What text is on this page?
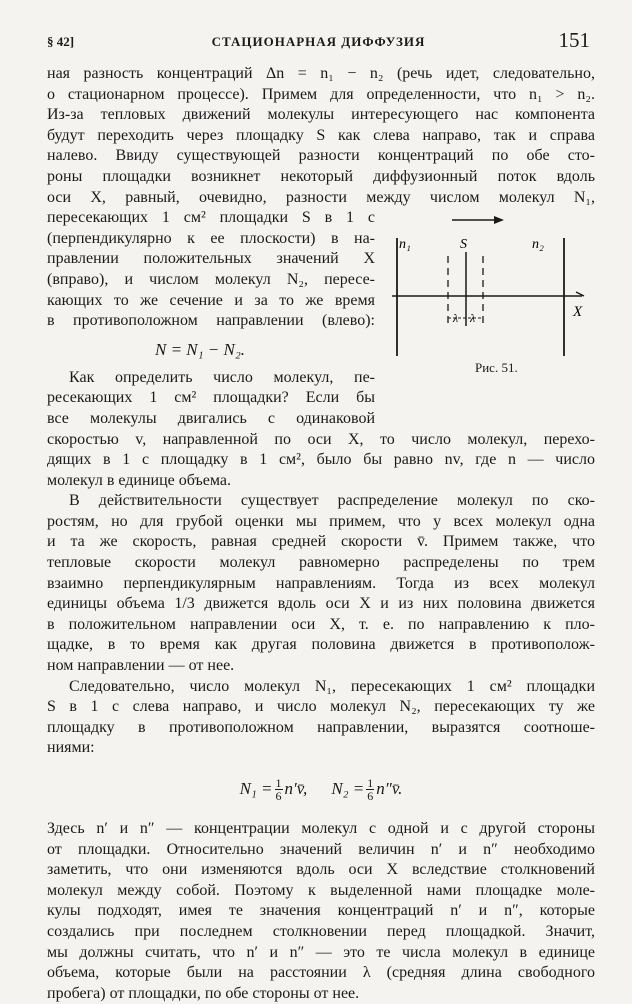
§ 42]	СТАЦИОНАРНАЯ ДИФФУЗИЯ	151

ная разность концентраций Δn = n₁ − n₂ (речь идет, следовательно,
о стационарном процессе). Примем для определенности, что n₁ > n₂.
Из-за тепловых движений молекулы интересующего нас компонента
будут переходить через площадку S как слева направо, так и справа
налево. Ввиду существующей разности концентраций по обе сто-
роны площадки возникнет некоторый диффузионный поток вдоль
оси X, равный, очевидно, разности между числом молекул N₁,

пересекающих 1 см² площадки S в 1 с
(перпендикулярно к ее плоскости) в на-
правлении положительных значений X
(вправо), и числом молекул N₂, пересе-
кающих то же сечение и за то же время
в противоположном направлении (влево):

N = N₁ − N₂.

Как определить число молекул, пе-
ресекающих 1 см² площадки? Если бы
все молекулы двигались с одинаковой

скоростью v, направленной по оси X, то число молекул, перехо-
дящих в 1 с площадку в 1 см², было бы равно nv, где n — число
молекул в единице объема.

В действительности существует распределение молекул по ско-
ростям, но для грубой оценки мы примем, что у всех молекул одна
и та же скорость, равная средней скорости v̄. Примем также, что
тепловые скорости молекул равномерно распределены по трем
взаимно перпендикулярным направлениям. Тогда из всех молекул
единицы объема 1/3 движется вдоль оси X и из них половина движется
в положительном направлении оси X, т. е. по направлению к пло-
щадке, в то время как другая половина движется в противополож-
ном направлении — от нее.

Следовательно, число молекул N₁, пересекающих 1 см² площадки
S в 1 с слева направо, и число молекул N₂, пересекающих ту же
площадку в противоположном направлении, выразятся соотноше-
ниями:

$N_1 = \frac{1}{6}$ n′v̄, $N_2 = \frac{1}{6}$ n″v̄.

Здесь n′ и n″ — концентрации молекул с одной и с другой стороны
от площадки. Относительно значений величин n′ и n″ необходимо
заметить, что они изменяются вдоль оси X вследствие столкновений
молекул между собой. Поэтому к выделенной нами площадке моле-
кулы подходят, имея те значения концентраций n′ и n″, которые
создались при последнем столкновении перед площадкой. Значит,
мы должны считать, что n′ и n″ — это те числа молекул в единице
объема, которые были на расстоянии λ (средняя длина свободного
пробега) от площадки, по обе стороны от нее.

n₁	S	n₂
X
λ λ
Рис. 51.
